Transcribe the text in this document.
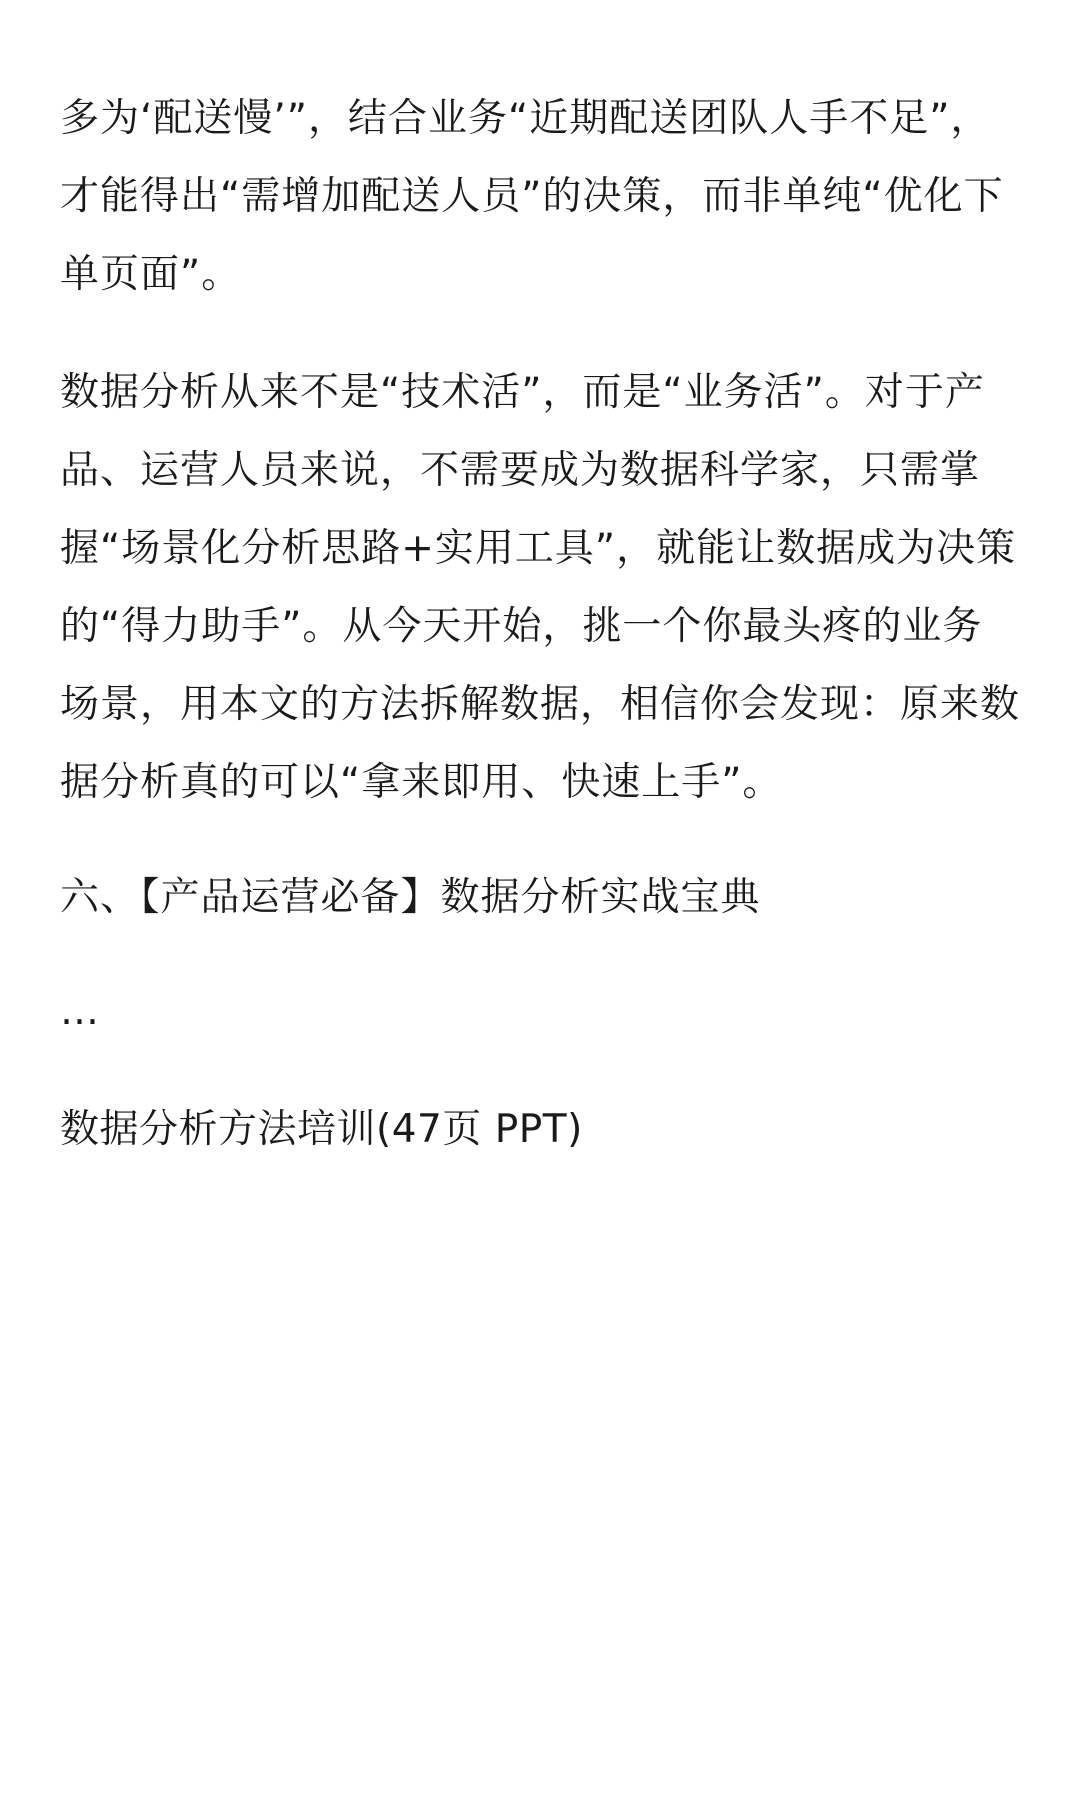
多为‘配送慢’”，结合业务“近期配送团队人手不足”，才能得出“需增加配送人员”的决策，而非单纯“优化下单页面”。

数据分析从来不是“技术活”，而是“业务活”。对于产品、运营人员来说，不需要成为数据科学家，只需掌握“场景化分析思路+实用工具”，就能让数据成为决策的“得力助手”。从今天开始，挑一个你最头疼的业务场景，用本文的方法拆解数据，相信你会发现：原来数据分析真的可以“拿来即用、快速上手”。

六、【产品运营必备】数据分析实战宝典

…

数据分析方法培训(47页 PPT)
